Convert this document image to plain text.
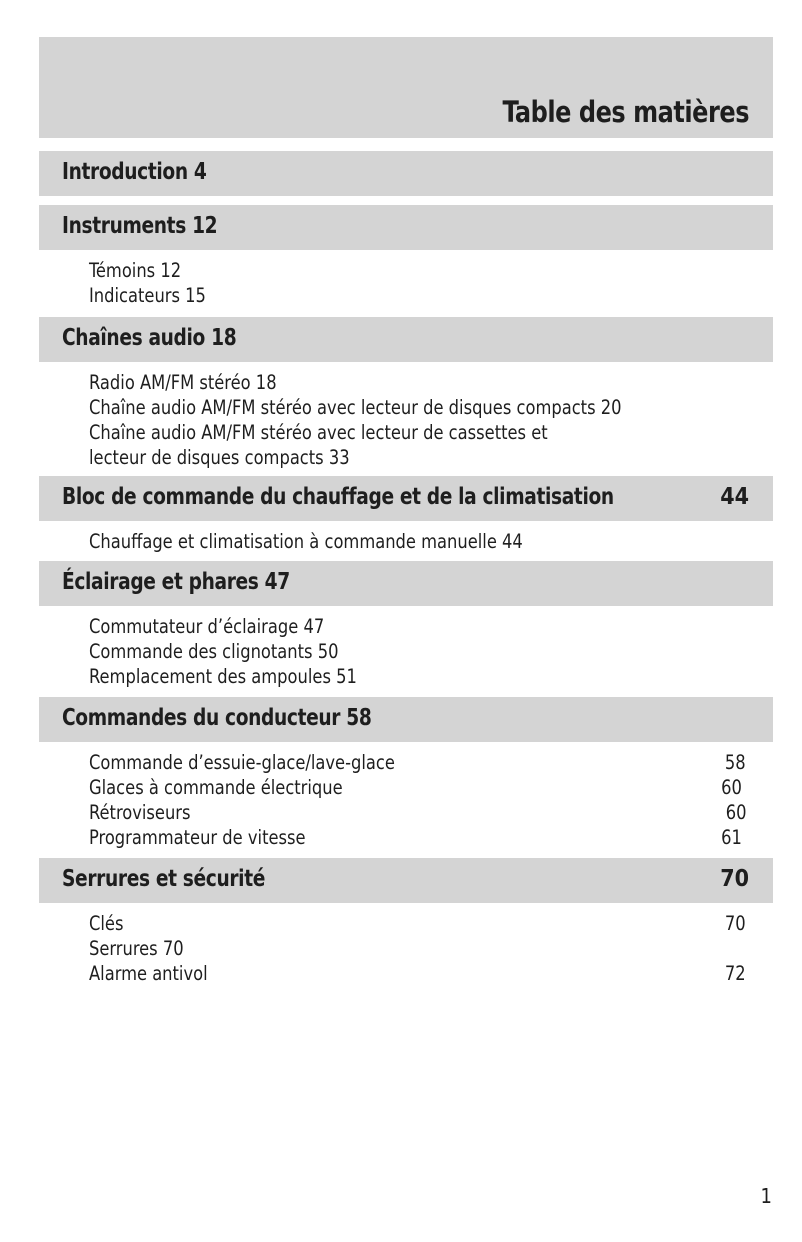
Table des matières
Introduction 4
Instruments 12
Témoins 12
Indicateurs 15
Chaînes audio 18
Radio AM/FM stéréo 18
Chaîne audio AM/FM stéréo avec lecteur de disques compacts 20
Chaîne audio AM/FM stéréo avec lecteur de cassettes et
lecteur de disques compacts 33
Bloc de commande du chauffage et de la climatisation	44
Chauffage et climatisation à commande manuelle 44
Éclairage et phares 47
Commutateur d’éclairage 47
Commande des clignotants 50
Remplacement des ampoules 51
Commandes du conducteur 58
Commande d’essuie-glace/lave-glace	58
Glaces à commande électrique	60
Rétroviseurs	60
Programmateur de vitesse	61
Serrures et sécurité	70
Clés	70
Serrures 70
Alarme antivol	72
1
